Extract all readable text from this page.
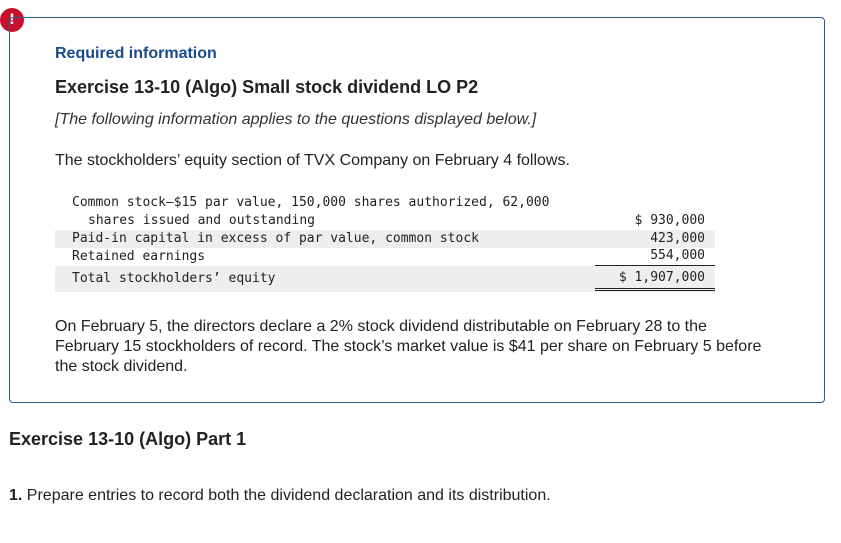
!
Required information
Exercise 13-10 (Algo) Small stock dividend LO P2
[The following information applies to the questions displayed below.]
The stockholders’ equity section of TVX Company on February 4 follows.
Common stock—$15 par value, 150,000 shares authorized, 62,000
shares issued and outstanding	$ 930,000
Paid-in capital in excess of par value, common stock	423,000
Retained earnings	554,000
Total stockholders’ equity	$ 1,907,000
On February 5, the directors declare a 2% stock dividend distributable on February 28 to the February 15 stockholders of record. The stock’s market value is $41 per share on February 5 before the stock dividend.
Exercise 13-10 (Algo) Part 1
1. Prepare entries to record both the dividend declaration and its distribution.
